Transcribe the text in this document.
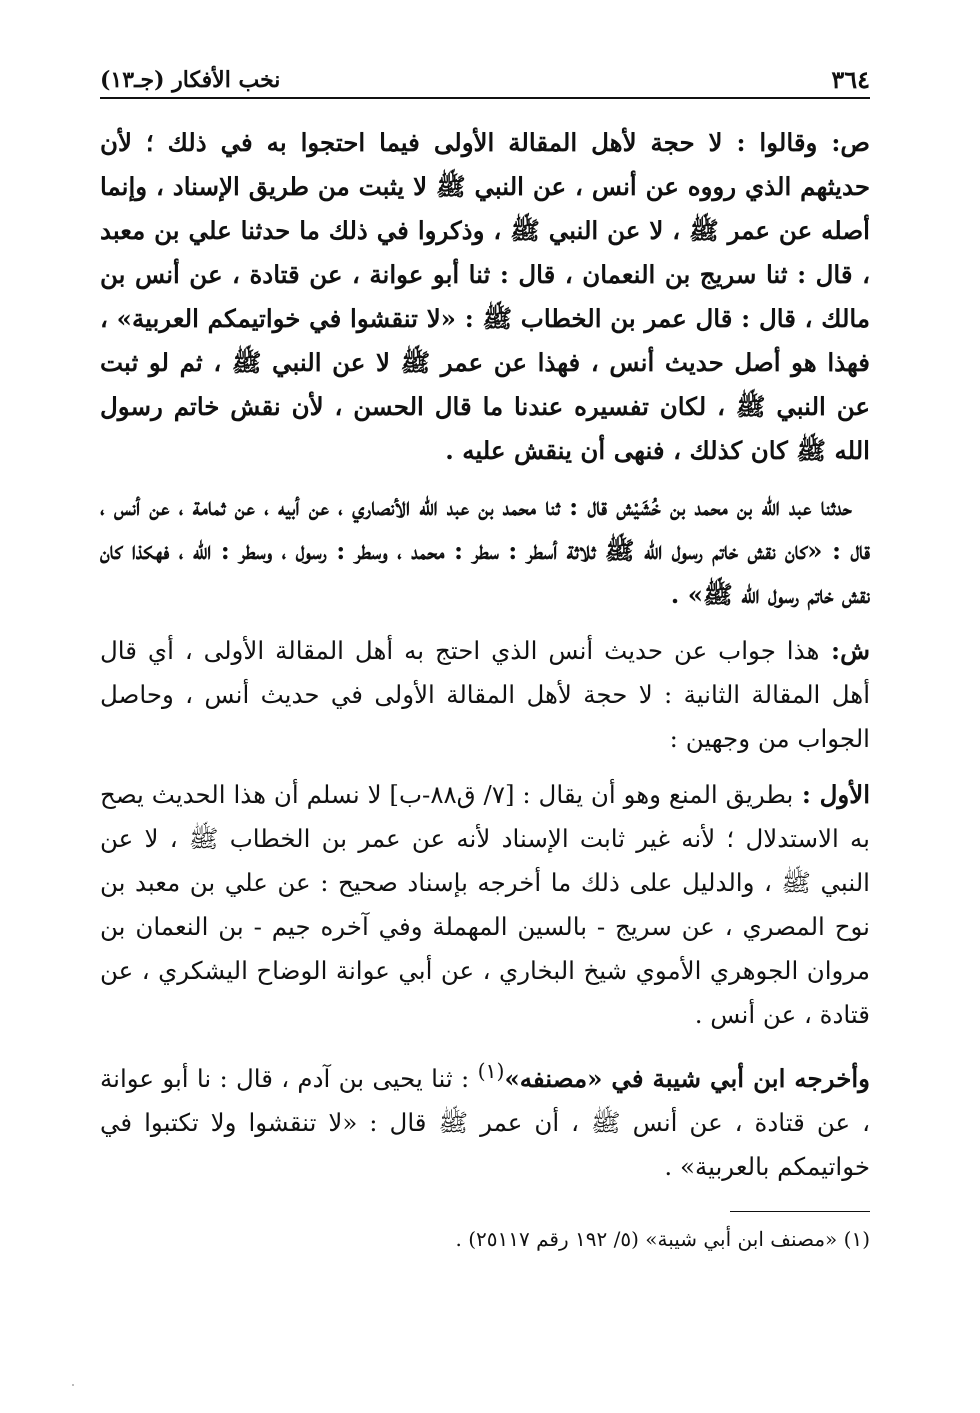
٣٦٤
نخب الأفكار (جـ١٣)

ص: وقالوا : لا حجة لأهل المقالة الأولى فيما احتجوا به في ذلك ؛ لأن حديثهم الذي رووه عن أنس ، عن النبي ﷺ لا يثبت من طريق الإسناد ، وإنما أصله عن عمر ﷺ ، لا عن النبي ﷺ ، وذكروا في ذلك ما حدثنا علي بن معبد ، قال : ثنا سريج بن النعمان ، قال : ثنا أبو عوانة ، عن قتادة ، عن أنس بن مالك ، قال : قال عمر بن الخطاب ﷺ : «لا تنقشوا في خواتيمكم العربية» ، فهذا هو أصل حديث أنس ، فهذا عن عمر ﷺ لا عن النبي ﷺ ، ثم لو ثبت عن النبي ﷺ ، لكان تفسيره عندنا ما قال الحسن ، لأن نقش خاتم رسول الله ﷺ كان كذلك ، فنهى أن ينقش عليه .

حدثنا عبد الله بن محمد بن خُشَيْش قال : ثنا محمد بن عبد الله الأنصاري ، عن أبيه ، عن ثمامة ، عن أنس ، قال : «كان نقش خاتم رسول الله ﷺ ثلاثة أسطر : سطر : محمد ، وسطر : رسول ، وسطر : الله ، فهكذا كان نقش خاتم رسول الله ﷺ» .

ش: هذا جواب عن حديث أنس الذي احتج به أهل المقالة الأولى ، أي قال أهل المقالة الثانية : لا حجة لأهل المقالة الأولى في حديث أنس ، وحاصل الجواب من وجهين :

الأول : بطريق المنع وهو أن يقال : [٧/ ق٨٨-ب] لا نسلم أن هذا الحديث يصح به الاستدلال ؛ لأنه غير ثابت الإسناد لأنه عن عمر بن الخطاب ﷺ ، لا عن النبي ﷺ ، والدليل على ذلك ما أخرجه بإسناد صحيح : عن علي بن معبد بن نوح المصري ، عن سريج - بالسين المهملة وفي آخره جيم - بن النعمان بن مروان الجوهري الأموي شيخ البخاري ، عن أبي عوانة الوضاح اليشكري ، عن قتادة ، عن أنس .

وأخرجه ابن أبي شيبة في «مصنفه»$^{(١)}$ : ثنا يحيى بن آدم ، قال : نا أبو عوانة ، عن قتادة ، عن أنس ﷺ ، أن عمر ﷺ قال : «لا تنقشوا ولا تكتبوا في خواتيمكم بالعربية» .

(١) «مصنف ابن أبي شيبة» (٥/ ١٩٢ رقم ٢٥١١٧) .
